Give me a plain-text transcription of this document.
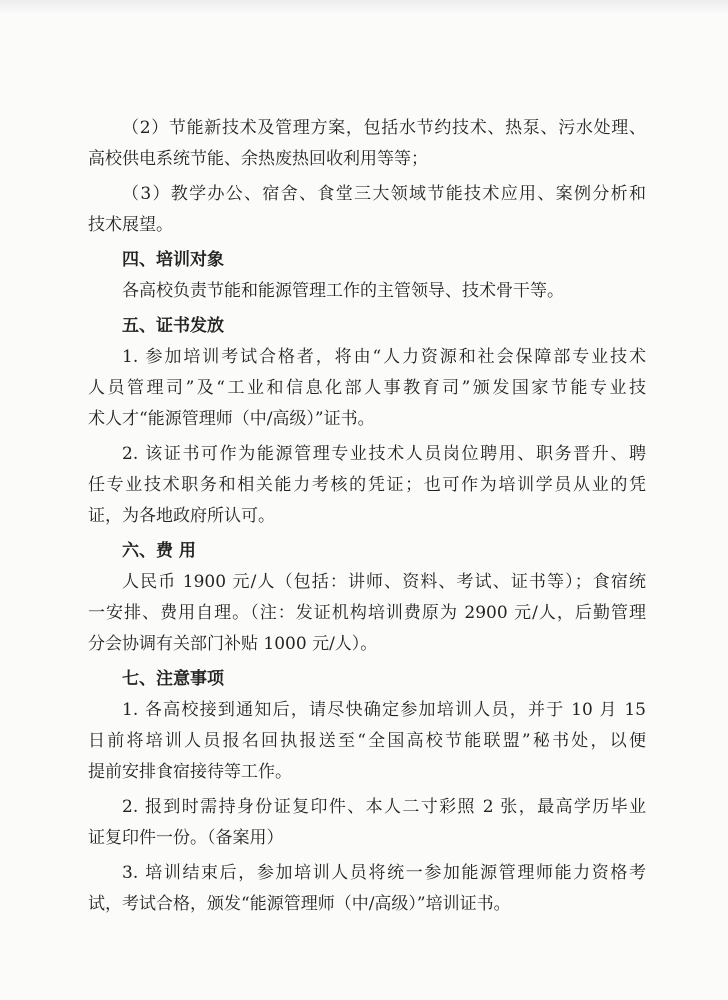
（2）节能新技术及管理方案，包括水节约技术、热泵、污水处理、
高校供电系统节能、余热废热回收利用等等；
（3）教学办公、宿舍、食堂三大领域节能技术应用、案例分析和
技术展望。
四、培训对象
各高校负责节能和能源管理工作的主管领导、技术骨干等。
五、证书发放
1. 参加培训考试合格者，将由“人力资源和社会保障部专业技术
人员管理司”及“工业和信息化部人事教育司”颁发国家节能专业技
术人才“能源管理师（中/高级）”证书。
2. 该证书可作为能源管理专业技术人员岗位聘用、职务晋升、聘
任专业技术职务和相关能力考核的凭证；也可作为培训学员从业的凭
证，为各地政府所认可。
六、费 用
人民币 1900 元/人（包括：讲师、资料、考试、证书等）；食宿统
一安排、费用自理。（注：发证机构培训费原为 2900 元/人，后勤管理
分会协调有关部门补贴 1000 元/人）。
七、注意事项
1. 各高校接到通知后，请尽快确定参加培训人员，并于 10 月 15
日前将培训人员报名回执报送至“全国高校节能联盟”秘书处，以便
提前安排食宿接待等工作。
2. 报到时需持身份证复印件、本人二寸彩照 2 张，最高学历毕业
证复印件一份。（备案用）
3. 培训结束后，参加培训人员将统一参加能源管理师能力资格考
试，考试合格，颁发“能源管理师（中/高级）”培训证书。
